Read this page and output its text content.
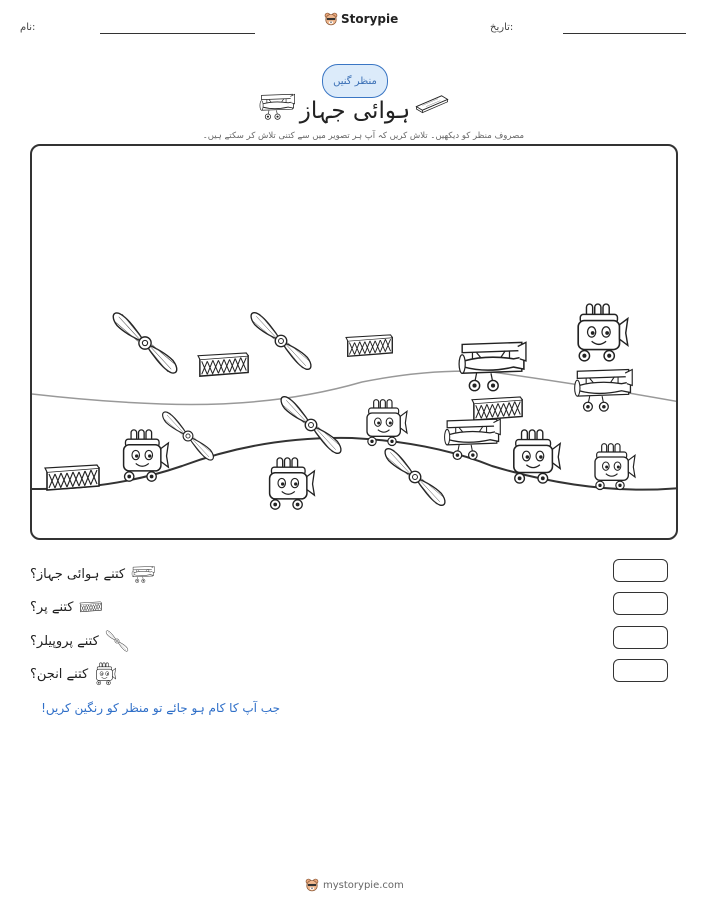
:نام
Storypie
:تاریخ
منظر گنیں
ہوائی جہاز
مصروف منظر کو دیکھیں۔ تلاش کریں کہ آپ ہر تصویر میں سے کتنی تلاش کر سکتے ہیں۔
کتنے ہوائی جہاز؟
کتنے پر؟
کتنے پروپیلر؟
کتنے انجن؟
جب آپ کا کام ہو جائے تو منظر کو رنگین کریں!
mystorypie.com
